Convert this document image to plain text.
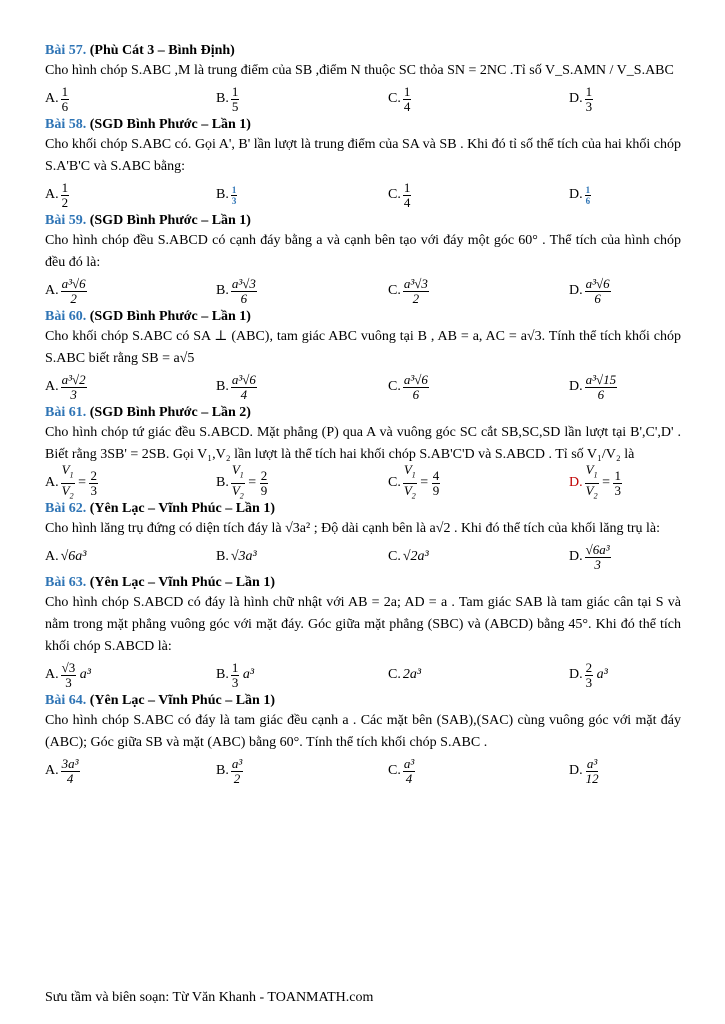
Bài 57. (Phù Cát 3 – Bình Định)
Cho hình chóp S.ABC ,M là trung điểm của SB ,điểm N thuộc SC thỏa SN = 2NC .Tỉ số V_S.AMN / V_S.ABC
A. $\frac{1}{6}$	B. $\frac{1}{5}$	C. $\frac{1}{4}$	D. $\frac{1}{3}$
Bài 58. (SGD Bình Phước – Lần 1)
Cho khối chóp S.ABC có. Gọi A', B' lần lượt là trung điểm của SA và SB . Khi đó tỉ số thể tích của hai khối chóp S.A'B'C và S.ABC bằng:
A. $\frac{1}{2}$	B. $\frac{1}{3}$	C. $\frac{1}{4}$	D. $\frac{1}{6}$
Bài 59. (SGD Bình Phước – Lần 1)
Cho hình chóp đều S.ABCD có cạnh đáy bằng a và cạnh bên tạo với đáy một góc 60° . Thể tích của hình chóp đều đó là:
A. $\frac{\text{a³√6}}{2}$	B. $\frac{\text{a³√3}}{6}$	C. $\frac{\text{a³√3}}{2}$	D. $\frac{\text{a³√6}}{6}$
Bài 60. (SGD Bình Phước – Lần 1)
Cho khối chóp S.ABC có SA ⊥ (ABC), tam giác ABC vuông tại B , AB = a, AC = a√3. Tính thể tích khối chóp S.ABC biết rằng SB = a√5
A. $\frac{\text{a³√2}}{3}$	B. $\frac{\text{a³√6}}{4}$	C. $\frac{\text{a³√6}}{6}$	D. $\frac{\text{a³√15}}{6}$
Bài 61. (SGD Bình Phước – Lần 2)
Cho hình chóp tứ giác đều S.ABCD. Mặt phẳng (P) qua A và vuông góc SC cắt SB,SC,SD lần lượt tại B',C',D' . Biết rằng 3SB' = 2SB. Gọi V₁,V₂ lần lượt là thể tích hai khối chóp S.AB'C'D và S.ABCD . Tỉ số V₁/V₂ là
A. $\frac{V_1}{V_2} = \frac{2}{3}$	B. $\frac{V_1}{V_2} = \frac{2}{9}$	C. $\frac{V_1}{V_2} = \frac{4}{9}$	D. $\frac{V_1}{V_2} = \frac{1}{3}$
Bài 62. (Yên Lạc – Vĩnh Phúc – Lần 1)
Cho hình lăng trụ đứng có diện tích đáy là √3a² ; Độ dài cạnh bên là a√2 . Khi đó thể tích của khối lăng trụ là:
A. √6a³	B. √3a³	C. √2a³	D. $\frac{\text{√6a³}}{3}$
Bài 63. (Yên Lạc – Vĩnh Phúc – Lần 1)
Cho hình chóp S.ABCD có đáy là hình chữ nhật với AB = 2a; AD = a . Tam giác SAB là tam giác cân tại S và nằm trong mặt phẳng vuông góc với mặt đáy. Góc giữa mặt phẳng (SBC) và (ABCD) bằng 45°. Khi đó thể tích khối chóp S.ABCD là:
A. $\frac{√3}{3}$
a³	B. $\frac{1}{3}$
a³	C. 2a³	D. $\frac{2}{3}$
a³
Bài 64. (Yên Lạc – Vĩnh Phúc – Lần 1)
Cho hình chóp S.ABC có đáy là tam giác đều cạnh a . Các mặt bên (SAB),(SAC) cùng vuông góc với mặt đáy (ABC); Góc giữa SB và mặt (ABC) bằng 60°. Tính thể tích khối chóp S.ABC .
A. $\frac{\text{3a³}}{4}$	B. $\frac{\text{a³}}{2}$	C. $\frac{\text{a³}}{4}$	D. $\frac{\text{a³}}{12}$
Sưu tầm và biên soạn: Từ Văn Khanh - TOANMATH.com
